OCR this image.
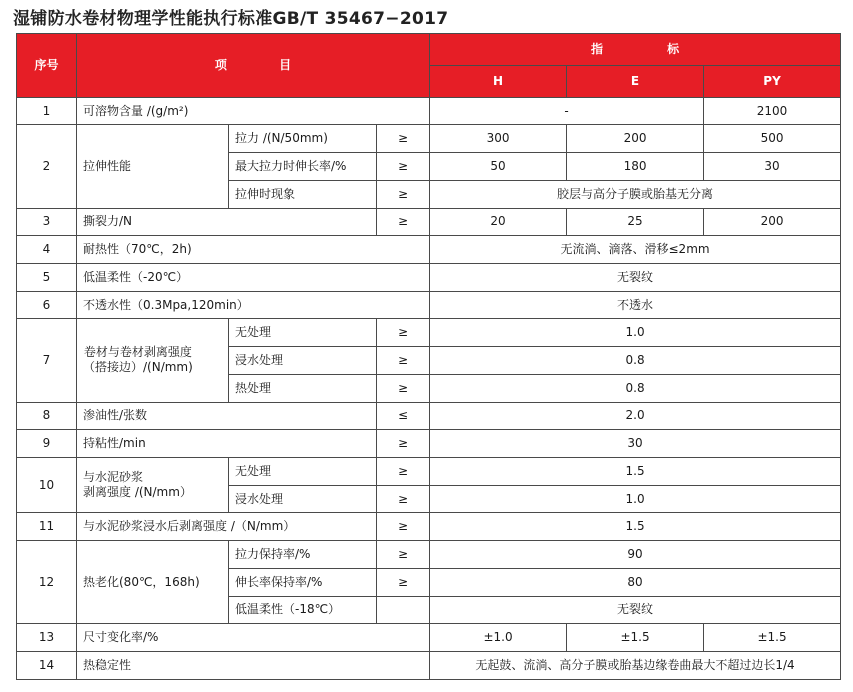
湿铺防水卷材物理学性能执行标准GB/T 35467−2017
序号	项 目			指 标		
				H	E	PY
1	可溶物含量 /(g/m²)			-		2100
2	拉伸性能	拉力 /(N/50mm)	≥	300	200	500
		最大拉力时伸长率/%	≥	50	180	30
		拉伸时现象	≥	胶层与高分子膜或胎基无分离		
3	撕裂力/N		≥	20	25	200
4	耐热性（70℃，2h)			无流淌、滴落、滑移≤2mm		
5	低温柔性（-20℃）			无裂纹		
6	不透水性（0.3Mpa,120min）			不透水		
7	卷材与卷材剥离强度
（搭接边）/(N/mm)	无处理	≥	1.0		
		浸水处理	≥	0.8		
		热处理	≥	0.8		
8	渗油性/张数		≤	2.0		
9	持粘性/min		≥	30		
10	与水泥砂浆
剥离强度 /(N/mm）	无处理	≥	1.5		
		浸水处理	≥	1.0		
11	与水泥砂浆浸水后剥离强度 /（N/mm）		≥	1.5		
12	热老化(80℃，168h)	拉力保持率/%	≥	90		
		伸长率保持率/%	≥	80		
		低温柔性（-18℃）		无裂纹		
13	尺寸变化率/%			±1.0	±1.5	±1.5
14	热稳定性			无起鼓、流淌、高分子膜或胎基边缘卷曲最大不超过边长1/4		
